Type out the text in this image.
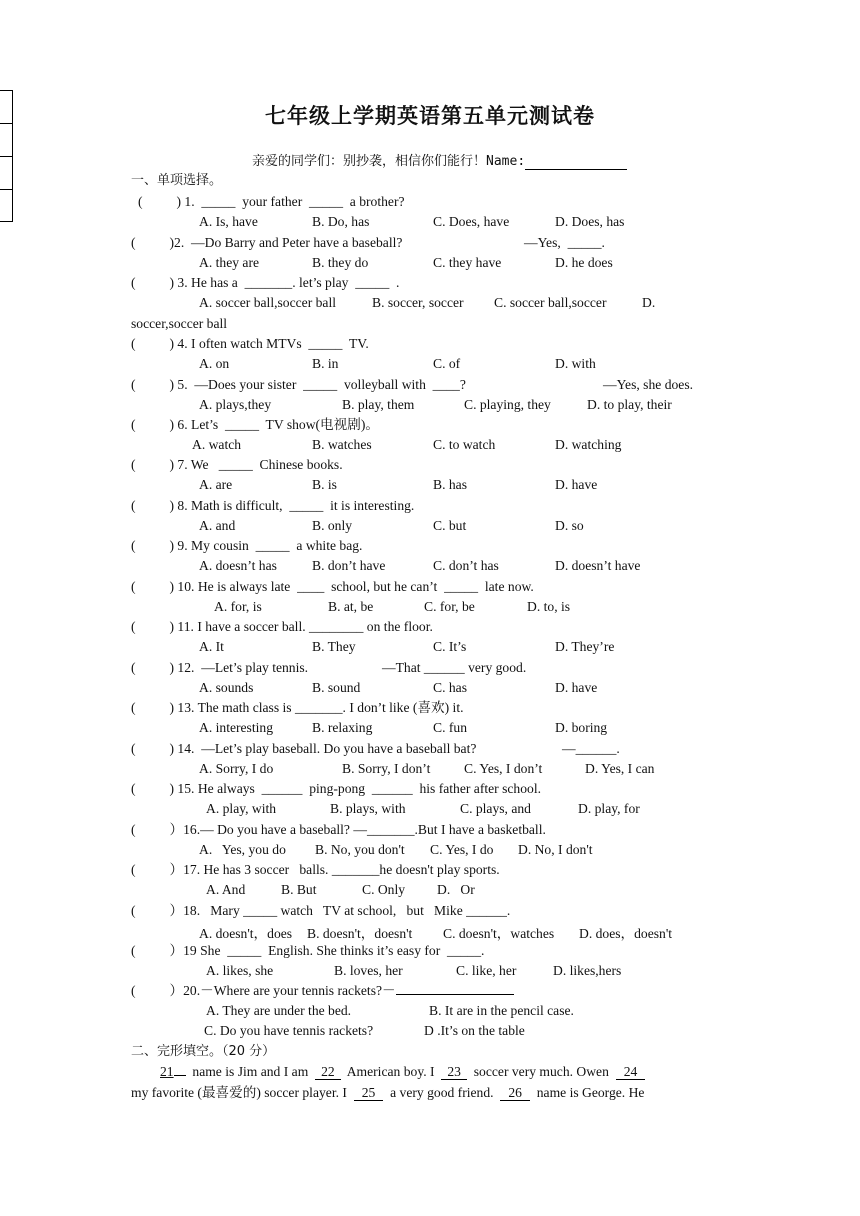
七年级上学期英语第五单元测试卷
亲爱的同学们：别抄袭，相信你们能行！Name:
一、单项选择。
(          ) 1.  _____  your father  _____  a brother?
A. Is, have	B. Do, has	C. Does, have	D. Does, has
(          )2.  —Do Barry and Peter have a baseball?	—Yes,  _____.
A. they are	B. they do	C. they have	D. he does
(          ) 3. He has a  _______. let’s play  _____  .
A. soccer ball,soccer ball	B. soccer, soccer C. soccer ball,soccer	D.
soccer,soccer ball
(          ) 4. I often watch MTVs  _____  TV.
A. on	B. in	C. of	D. with
(          ) 5.  —Does your sister  _____  volleyball with  ____?	—Yes, she does.
A. plays,they	B. play, them	C. playing, they	D. to play, their
(          ) 6. Let’s  _____  TV show(电视剧)。
A. watch	B. watches	C. to watch	D. watching
(          ) 7. We   _____  Chinese books.
A. are	B. is	B. has	D. have
(          ) 8. Math is difficult,  _____  it is interesting.
A. and	B. only	C. but	D. so
(          ) 9. My cousin  _____  a white bag.
A. doesn’t has	B. don’t have	C. don’t has	D. doesn’t have
(          ) 10. He is always late  ____  school, but he can’t  _____  late now.
A. for, is	B. at, be	C. for, be	D. to, is
(          ) 11. I have a soccer ball. ________ on the floor.
A. It	B. They	C. It’s	D. They’re
(          ) 12.  —Let’s play tennis.	—That ______ very good.
A. sounds	B. sound	C. has	D. have
(          ) 13. The math class is _______. I don’t like (喜欢) it.
A. interesting	B. relaxing	C. fun	D. boring
(          ) 14.  —Let’s play baseball. Do you have a baseball bat?	—______.
A. Sorry, I do	B. Sorry, I don’t C. Yes, I don’t	D. Yes, I can
(          ) 15. He always  ______  ping-pong  ______  his father after school.
A. play, with	B. plays, with	C. plays, and	D. play, for
(          ）16.— Do you have a baseball? —_______.But I have a basketball.
A.   Yes, you do B. No, you don't C. Yes, I do D. No, I don't
(          ）17. He has 3 soccer   balls. _______he doesn't play sports.
A. And	B. But	C. Only D.   Or
(          ）18.   Mary _____ watch   TV at school,   but   Mike ______.
A. doesn't，does B. doesn't，doesn't C. doesn't，watches D. does，doesn't
(          ）19 She  _____  English. She thinks it’s easy for  _____.
A. likes, she	B. loves, her	C. like, her	D. likes,hers
(          ）20.－Where are your tennis rackets?－
A. They are under the bed.	B. It are in the pencil case.
C. Do you have tennis rackets?	D .It’s on the table
二、完形填空。（20 分）
21  name is Jim and I am  22  American boy. I  23  soccer very much. Owen  24
my favorite (最喜爱的) soccer player. I  25  a very good friend.  26  name is George. He
